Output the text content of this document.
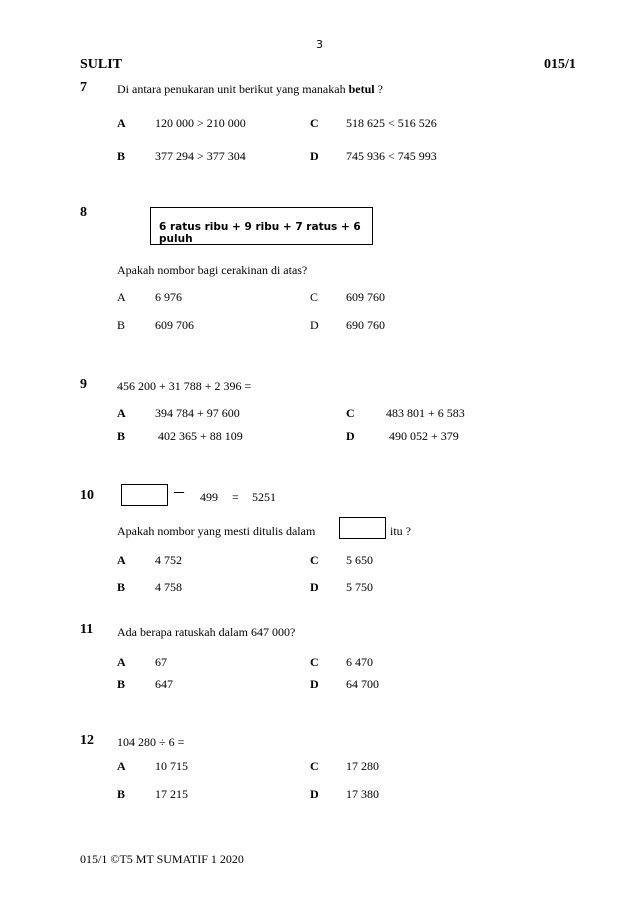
3
SULIT	015/1
7	Di antara penukaran unit berikut yang manakah betul ?
A 120 000 > 210 000	C 518 625 < 516 526
B 377 294 > 377 304	D 745 936 < 745 993
8
6 ratus ribu + 9 ribu + 7 ratus + 6 puluh
Apakah nombor bagi cerakinan di atas?
A 6 976	C 609 760
B 609 706	D 690 760
9	456 200 + 31 788 + 2 396 =
A 394 784 + 97 600	C	483 801 + 6 583
B	402 365 + 88 109	D	490 052 + 379
10	– 499 = 5251
Apakah nombor yang mesti ditulis dalam	itu ?
A 4 752	C 5 650
B 4 758	D 5 750
11 Ada berapa ratuskah dalam 647 000?
A 67	C 6 470
B 647	D 64 700
12 104 280 ÷ 6 =
A 10 715	C 17 280
B 17 215	D 17 380
015/1 ©T5 MT SUMATIF 1 2020
